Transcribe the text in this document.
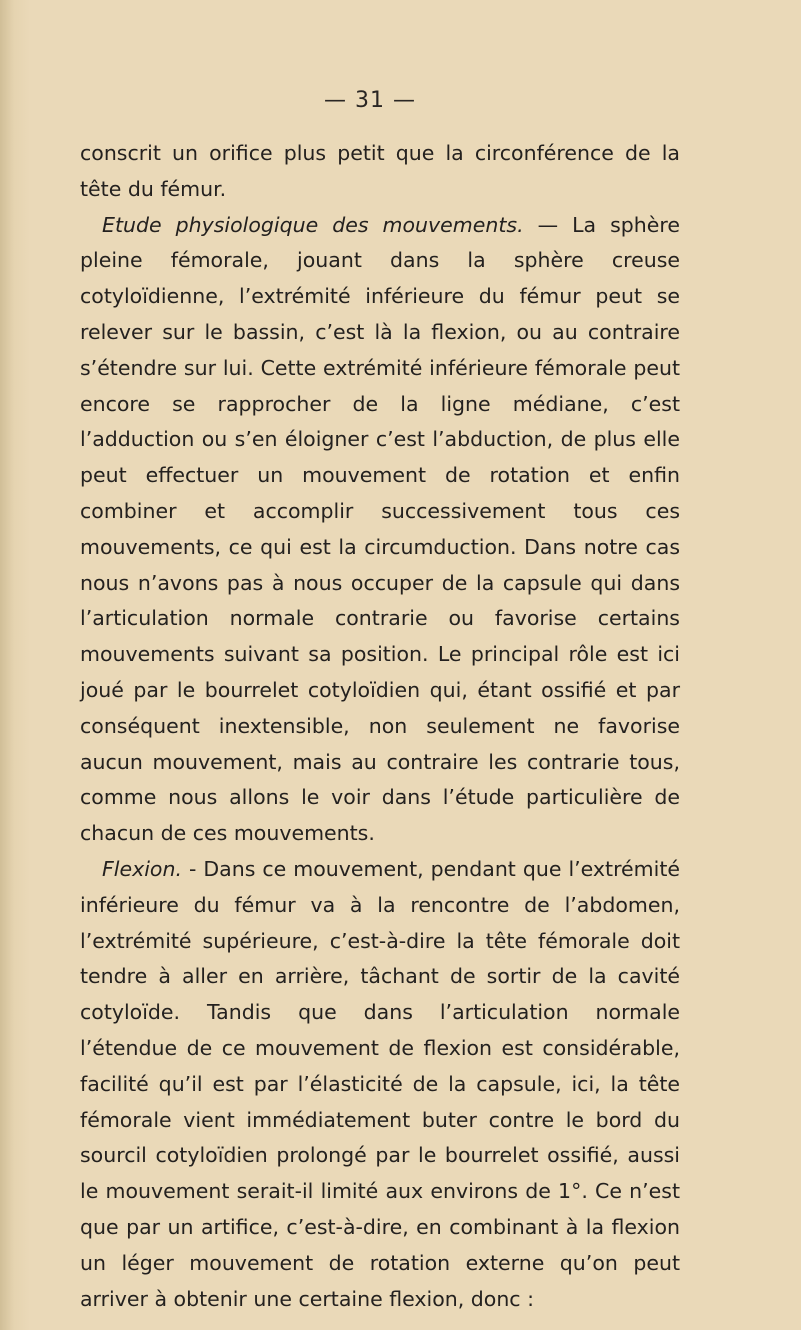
— 31 —

conscrit un orifice plus petit que la circonférence de la tête du fémur.

Etude physiologique des mouvements. — La sphère pleine fémorale, jouant dans la sphère creuse cotyloïdienne, l’extrémité inférieure du fémur peut se relever sur le bassin, c’est là la flexion, ou au contraire s’étendre sur lui. Cette extrémité inférieure fémorale peut encore se rapprocher de la ligne médiane, c’est l’adduction ou s’en éloigner c’est l’abduction, de plus elle peut effectuer un mouvement de rotation et enfin combiner et accomplir successivement tous ces mouvements, ce qui est la circumduction. Dans notre cas nous n’avons pas à nous occuper de la capsule qui dans l’articulation normale contrarie ou favorise certains mouvements suivant sa position. Le principal rôle est ici joué par le bourrelet cotyloïdien qui, étant ossifié et par conséquent inextensible, non seulement ne favorise aucun mouvement, mais au contraire les contrarie tous, comme nous allons le voir dans l’étude particulière de chacun de ces mouvements.

Flexion. - Dans ce mouvement, pendant que l’extrémité inférieure du fémur va à la rencontre de l’abdomen, l’extrémité supérieure, c’est-à-dire la tête fémorale doit tendre à aller en arrière, tâchant de sortir de la cavité cotyloïde. Tandis que dans l’articulation normale l’étendue de ce mouvement de flexion est considérable, facilité qu’il est par l’élasticité de la capsule, ici, la tête fémorale vient immédiatement buter contre le bord du sourcil cotyloïdien prolongé par le bourrelet ossifié, aussi le mouvement serait-il limité aux environs de 1°. Ce n’est que par un artifice, c’est-à-dire, en combinant à la flexion un léger mouvement de rotation externe qu’on peut arriver à obtenir une certaine flexion, donc :
